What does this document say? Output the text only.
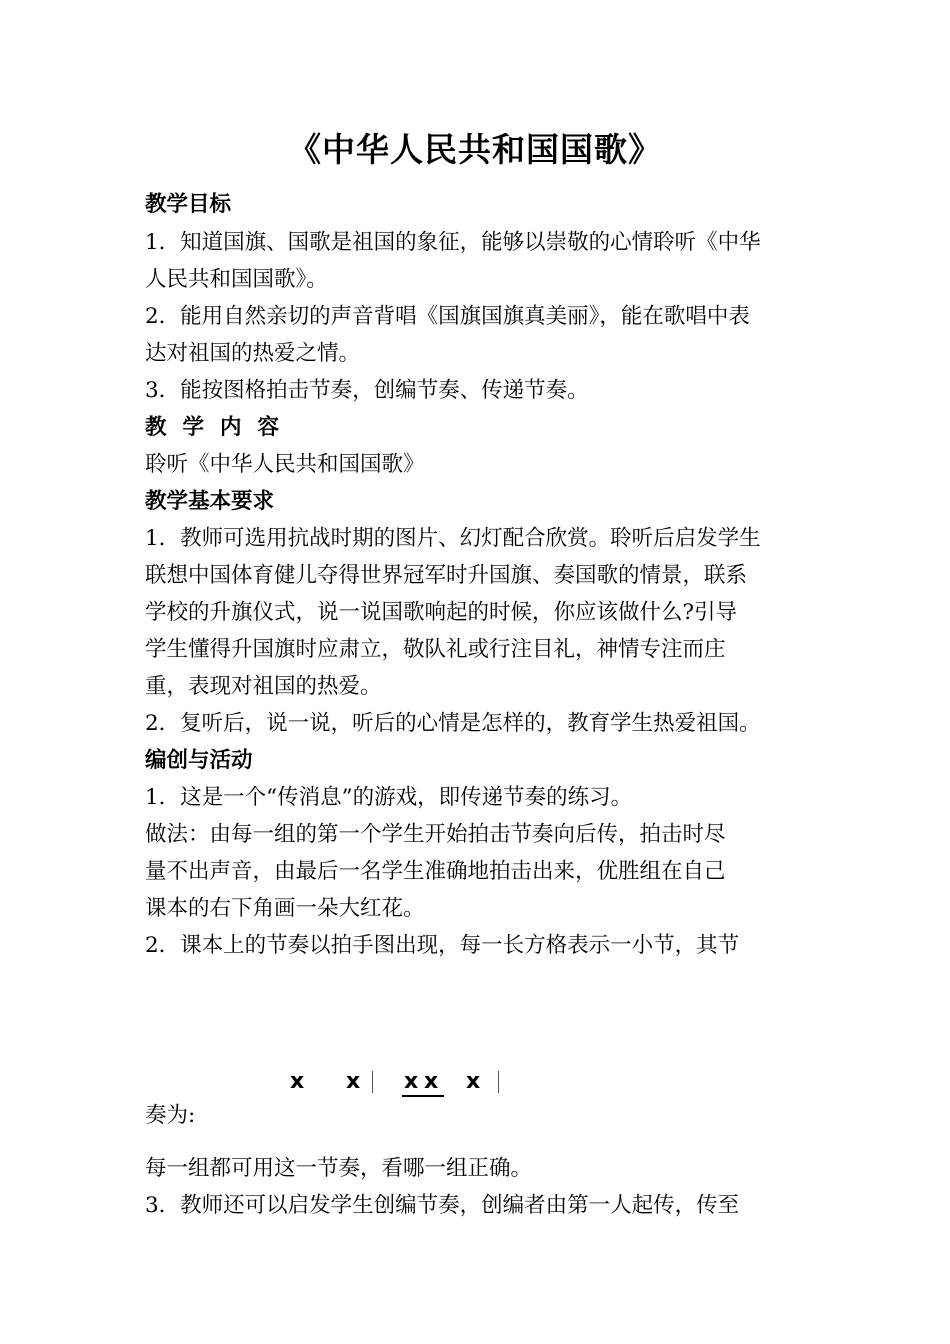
《中华人民共和国国歌》
教学目标
1．知道国旗、国歌是祖国的象征，能够以崇敬的心情聆听《中华
人民共和国国歌》。
2．能用自然亲切的声音背唱《国旗国旗真美丽》，能在歌唱中表
达对祖国的热爱之情。
3．能按图格拍击节奏，创编节奏、传递节奏。
教学内容
聆听《中华人民共和国国歌》
教学基本要求
1．教师可选用抗战时期的图片、幻灯配合欣赏。聆听后启发学生
联想中国体育健儿夺得世界冠军时升国旗、奏国歌的情景，联系
学校的升旗仪式，说一说国歌响起的时候，你应该做什么?引导
学生懂得升国旗时应肃立，敬队礼或行注目礼，神情专注而庄
重，表现对祖国的热爱。
2．复听后，说一说，听后的心情是怎样的，教育学生热爱祖国。
编创与活动
1．这是一个“传消息”的游戏，即传递节奏的练习。
做法：由每一组的第一个学生开始拍击节奏向后传，拍击时尽
量不出声音，由最后一名学生准确地拍击出来，优胜组在自己
课本的右下角画一朵大红花。
2．课本上的节奏以拍手图出现，每一长方格表示一小节，其节
x x x x x
奏为:
每一组都可用这一节奏，看哪一组正确。
3．教师还可以启发学生创编节奏，创编者由第一人起传，传至
